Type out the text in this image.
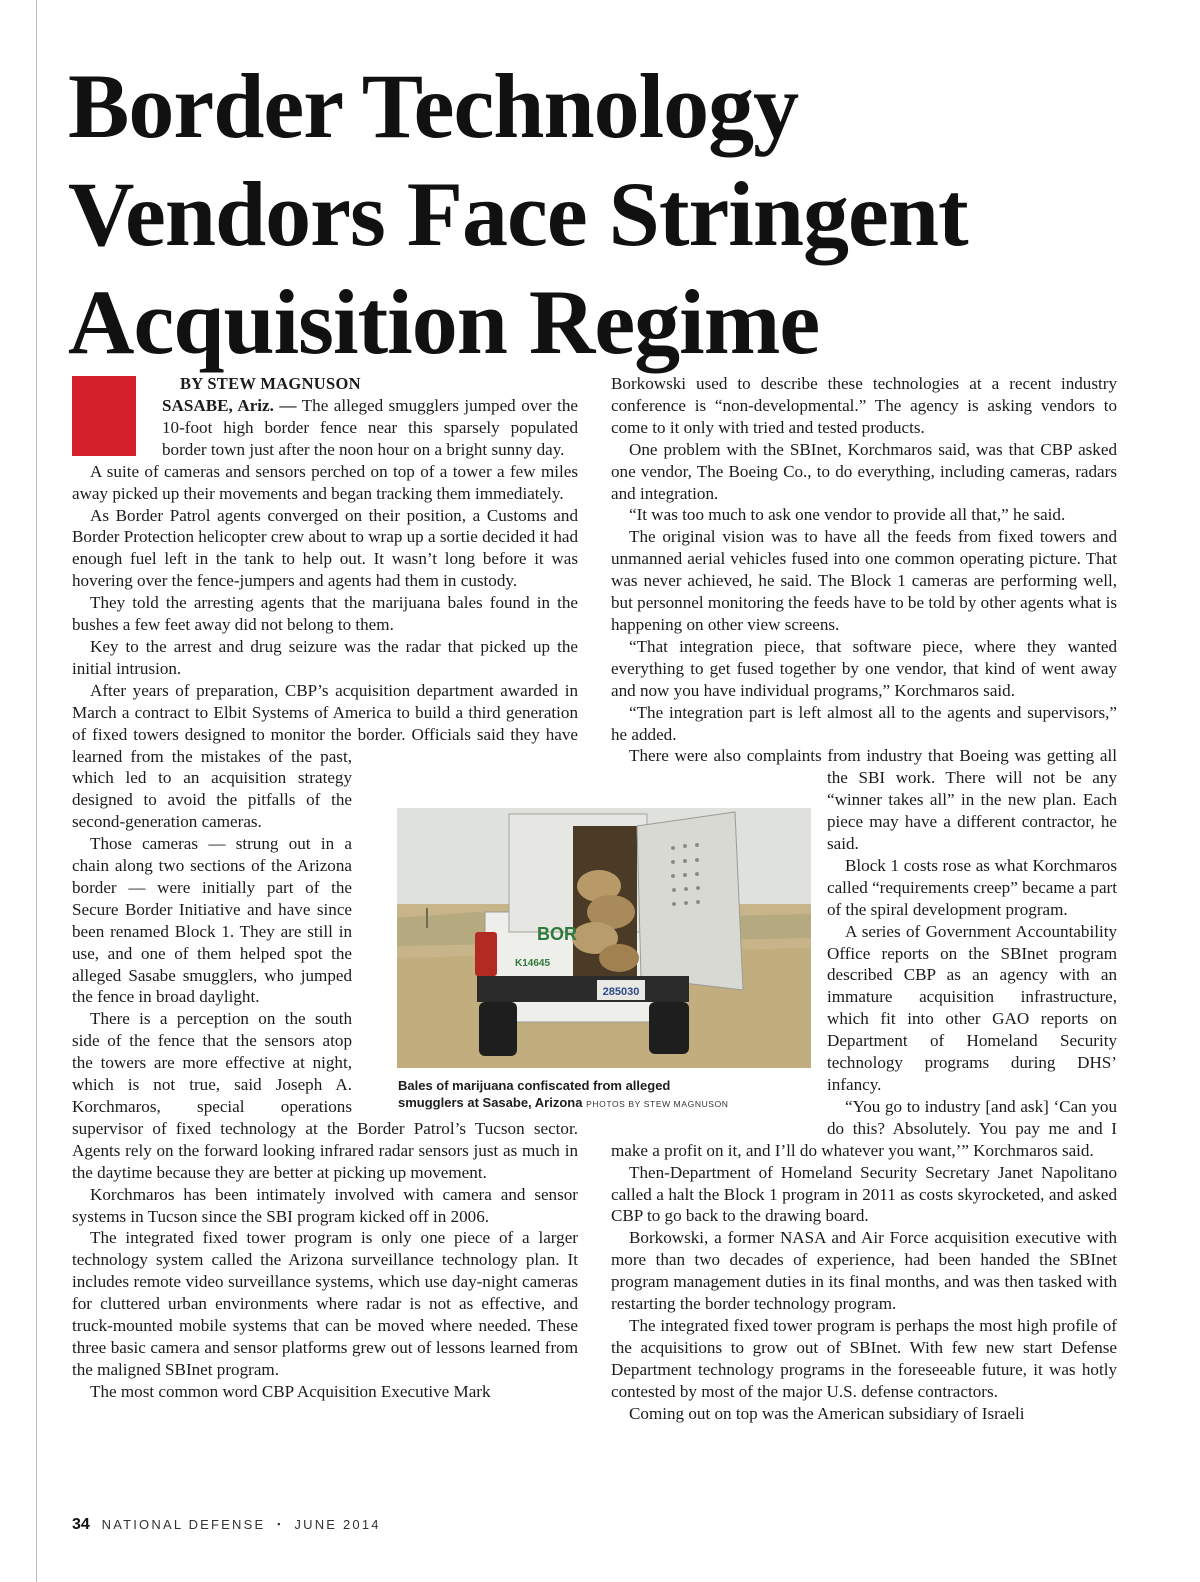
Border Technology
Vendors Face Stringent
Acquisition Regime

BY STEW MAGNUSON

SASABE, Ariz. — The alleged smugglers jumped over the 10-foot high border fence near this sparsely populated border town just after the noon hour on a bright sunny day.

A suite of cameras and sensors perched on top of a tower a few miles away picked up their movements and began tracking them immediately.

As Border Patrol agents converged on their position, a Customs and Border Protection helicopter crew about to wrap up a sortie decided it had enough fuel left in the tank to help out. It wasn’t long before it was hovering over the fence-jumpers and agents had them in custody.

They told the arresting agents that the marijuana bales found in the bushes a few feet away did not belong to them.

Key to the arrest and drug seizure was the radar that picked up the initial intrusion.

After years of preparation, CBP’s acquisition department awarded in March a contract to Elbit Systems of America to build a third generation of fixed towers designed to monitor the border. Officials said they have learned from the mistakes of the past, which led to an acquisition strategy designed to avoid the pitfalls of the second-generation cameras.

Those cameras — strung out in a chain along two sections of the Arizona border — were initially part of the Secure Border Initiative and have since been renamed Block 1. They are still in use, and one of them helped spot the alleged Sasabe smugglers, who jumped the fence in broad daylight.

There is a perception on the south side of the fence that the sensors atop the towers are more effective at night, which is not true, said Joseph A. Korchmaros, special operations supervisor of fixed technology at the Border Patrol’s Tucson sector. Agents rely on the forward looking infrared radar sensors just as much in the daytime because they are better at picking up movement.

Korchmaros has been intimately involved with camera and sensor systems in Tucson since the SBI program kicked off in 2006.

The integrated fixed tower program is only one piece of a larger technology system called the Arizona surveillance technology plan. It includes remote video surveillance systems, which use day-night cameras for cluttered urban environments where radar is not as effective, and truck-mounted mobile systems that can be moved where needed. These three basic camera and sensor platforms grew out of lessons learned from the maligned SBInet program.

The most common word CBP Acquisition Executive Mark

Borkowski used to describe these technologies at a recent industry conference is “non-developmental.” The agency is asking vendors to come to it only with tried and tested products.

One problem with the SBInet, Korchmaros said, was that CBP asked one vendor, The Boeing Co., to do everything, including cameras, radars and integration.

“It was too much to ask one vendor to provide all that,” he said.

The original vision was to have all the feeds from fixed towers and unmanned aerial vehicles fused into one common operating picture. That was never achieved, he said. The Block 1 cameras are performing well, but personnel monitoring the feeds have to be told by other agents what is happening on other view screens.

“That integration piece, that software piece, where they wanted everything to get fused together by one vendor, that kind of went away and now you have individual programs,” Korchmaros said.

“The integration part is left almost all to the agents and supervisors,” he added.

There were also complaints from industry that Boeing was getting all the SBI work. There will not be any “winner takes all” in the new plan. Each piece may have a different contractor, he said.

Block 1 costs rose as what Korchmaros called “requirements creep” became a part of the spiral development program.

A series of Government Accountability Office reports on the SBInet program described CBP as an agency with an immature acquisition infrastructure, which fit into other GAO reports on Department of Homeland Security technology programs during DHS’ infancy.

“You go to industry [and ask] ‘Can you do this? Absolutely. You pay me and I make a profit on it, and I’ll do whatever you want,’” Korchmaros said.

Then-Department of Homeland Security Secretary Janet Napolitano called a halt the Block 1 program in 2011 as costs skyrocketed, and asked CBP to go back to the drawing board.

Borkowski, a former NASA and Air Force acquisition executive with more than two decades of experience, had been handed the SBInet program management duties in its final months, and was then tasked with restarting the border technology program.

The integrated fixed tower program is perhaps the most high profile of the acquisitions to grow out of SBInet. With few new start Defense Department technology programs in the foreseeable future, it was hotly contested by most of the major U.S. defense contractors.

Coming out on top was the American subsidiary of Israeli

285030
BOR
K14645
Bales of marijuana confiscated from alleged
smugglers at Sasabe, Arizona PHOTOS BY STEW MAGNUSON
34 NATIONAL DEFENSE ▪ JUNE 2014
